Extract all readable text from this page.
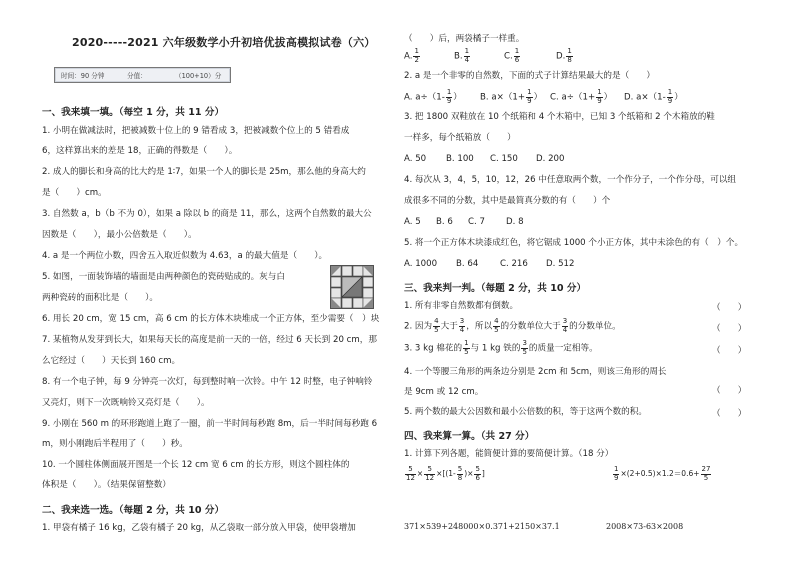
2020-----2021 六年级数学小升初培优拔高模拟试卷（六）
时间：90 分钟	分值：	（100+10）分
一、我来填一填。（每空 1 分，共 11 分）
1. 小明在做减法时，把被减数十位上的 9 错看成 3，把被减数个位上的 5 错看成
6，这样算出来的差是 18，正确的得数是（　　）。
2. 成人的脚长和身高的比大约是 1∶7，如果一个人的脚长是 25m，那么他的身高大约
是（　　）cm。
3. 自然数 a，b（b 不为 0），如果 a 除以 b 的商是 11，那么，这两个自然数的最大公
因数是（　　），最小公倍数是（　　）。
4. a 是一个两位小数，四舍五入取近似数为 4.63，a 的最大值是（　　）。
5. 如图，一面装饰墙的墙面是由两种颜色的瓷砖贴成的。灰与白
两种瓷砖的面积比是（　　）。
6. 用长 20 cm，宽 15 cm，高 6 cm 的长方体木块堆成一个正方体，至少需要（　）块
7. 某植物从发芽到长大，如果每天长的高度是前一天的一倍，经过 6 天长到 20 cm，那
么它经过（　　）天长到 160 cm。
8. 有一个电子钟，每 9 分钟亮一次灯，每到整时响一次铃。中午 12 时整，电子钟响铃
又亮灯，则下一次既响铃又亮灯是（　　）。
9. 小刚在 560 m 的环形跑道上跑了一圈，前一半时间每秒跑 8m，后一半时间每秒跑 6
m，则小刚跑后半程用了（　　）秒。
10. 一个圆柱体侧面展开图是一个长 12 cm 宽 6 cm 的长方形，则这个圆柱体的
体积是（　　）。（结果保留整数）
二、我来选一选。（每题 2 分，共 10 分）
1. 甲袋有橘子 16 kg，乙袋有橘子 20 kg，从乙袋取一部分放入甲袋，使甲袋增加
（　　）后，两袋橘子一样重。
A. $\frac{1}{2}$	B. $\frac{1}{4}$	C. $\frac{1}{6}$	D. $\frac{1}{8}$
2. a 是一个非零的自然数，下面的式子计算结果最大的是（　　）
A. $a\div(1- \frac{1}{9}$ ） B. $a\times(1+ \frac{1}{9}$ ） C. $a\div(1+ \frac{1}{9}$ ） D. $a\times(1- \frac{1}{9}$ ）
3. 把 1800 双鞋放在 10 个纸箱和 4 个木箱中，已知 3 个纸箱和 2 个木箱放的鞋
一样多，每个纸箱放（　　）
A. 50 B. 100 C. 150 D. 200
4. 每次从 3，4，5，10，12，26 中任意取两个数，一个作分子，一个作分母，可以组
成很多不同的分数，其中是最简真分数的有（　　）个
A. 5 B. 6 C. 7 D. 8
5. 将一个正方体木块漆成红色，将它锯成 1000 个小正方体，其中未涂色的有（　）个。
A. 1000 B. 64	C. 216 D. 512
三、我来判一判。（每题 2 分，共 10 分）
1. 所有非零自然数都有倒数。	（　　）
2. 因为 $\frac{4}{5}$ 大于 $\frac{3}{4}$ ，所以 $\frac{4}{5}$ 的分数单位大于 $\frac{3}{4}$ 的分数单位。	（　　）
3. 3 kg 棉花的 $\frac{1}{5}$ 与 1 kg 铁的 $\frac{3}{5}$ 的质量一定相等。	（　　）
4. 一个等腰三角形的两条边分别是 2cm 和 5cm，则该三角形的周长
是 9cm 或 12 cm。	（　　）
5. 两个数的最大公因数和最小公倍数的积，等于这两个数的积。	（　　）
四、我来算一算。（共 27 分）
1. 计算下列各题，能简便计算的要简便计算。（18 分）
$\frac{5}{12} \times \frac{5}{12} \times[(1- \frac{5}{8}$ )× $\frac{5}{6}$ ]	$\frac{1}{9} \times(2+0.5)\times 1.2=0.6+ \frac{27}{5}$
371×539+248000×0.371+2150×37.1	2008×73-63×2008
